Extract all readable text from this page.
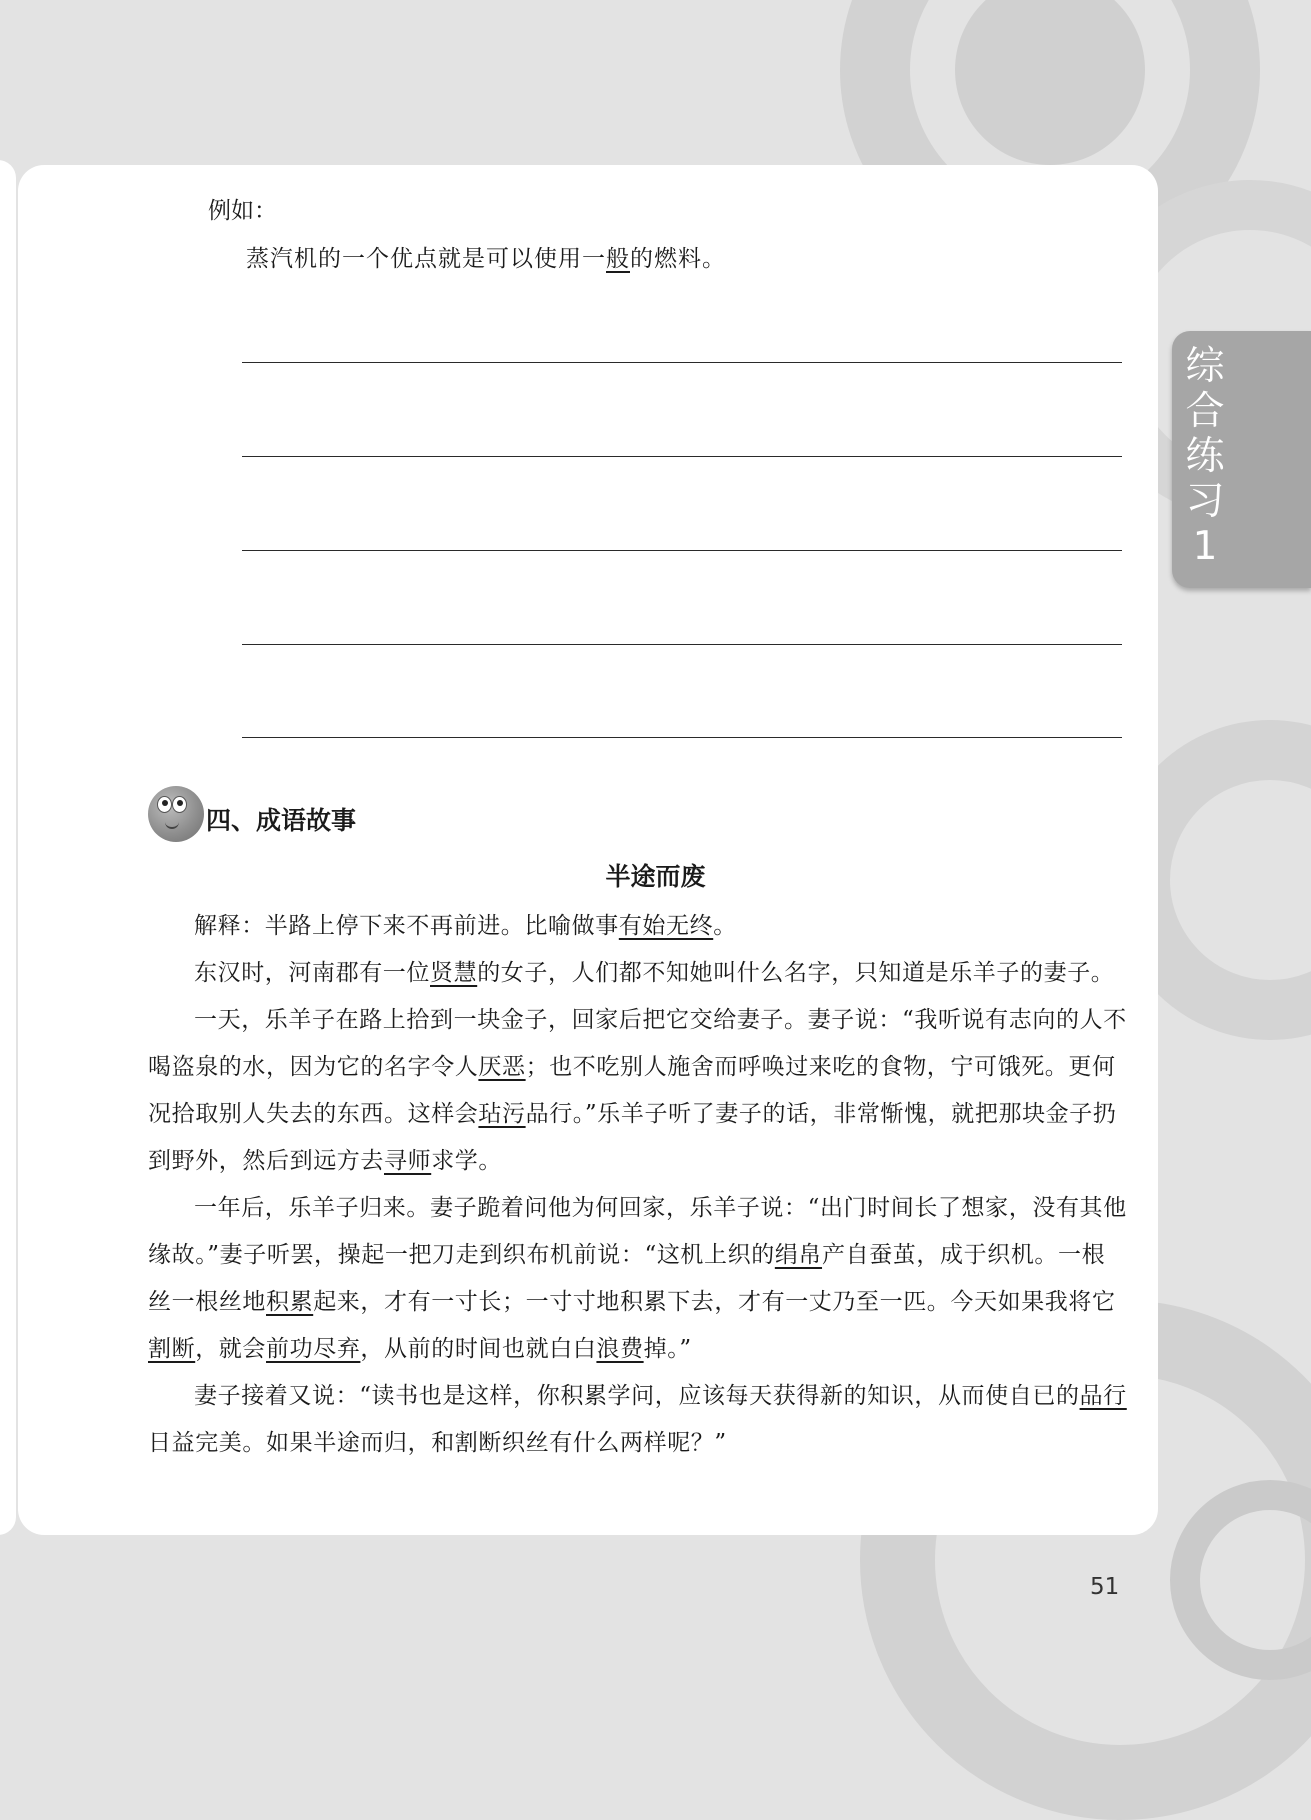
综
合
练
习
1
例如：
蒸汽机的一个优点就是可以使用一般的燃料。
四、成语故事
半途而废

解释：半路上停下来不再前进。比喻做事有始无终。

东汉时，河南郡有一位贤慧的女子，人们都不知她叫什么名字，只知道是乐羊子的妻子。

一天，乐羊子在路上拾到一块金子，回家后把它交给妻子。妻子说：“我听说有志向的人不喝盗泉的水，因为它的名字令人厌恶；也不吃别人施舍而呼唤过来吃的食物，宁可饿死。更何况拾取别人失去的东西。这样会玷污品行。”乐羊子听了妻子的话，非常惭愧，就把那块金子扔到野外，然后到远方去寻师求学。

一年后，乐羊子归来。妻子跪着问他为何回家，乐羊子说：“出门时间长了想家，没有其他缘故。”妻子听罢，操起一把刀走到织布机前说：“这机上织的绢帛产自蚕茧，成于织机。一根丝一根丝地积累起来，才有一寸长；一寸寸地积累下去，才有一丈乃至一匹。今天如果我将它割断，就会前功尽弃，从前的时间也就白白浪费掉。”

妻子接着又说：“读书也是这样，你积累学问，应该每天获得新的知识，从而使自已的品行日益完美。如果半途而归，和割断织丝有什么两样呢？”

51
